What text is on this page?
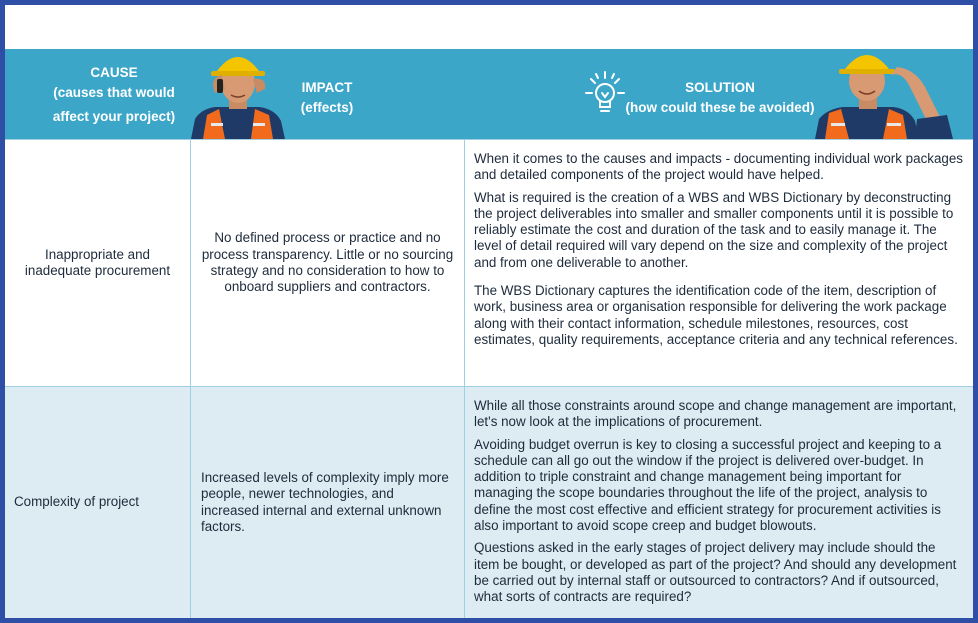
CAUSE
(causes that would
affect your project)
IMPACT
(effects)
SOLUTION
(how could these be avoided)
Inappropriate and inadequate procurement
No defined process or practice and no process transparency. Little or no sourcing strategy and no consideration to how to onboard suppliers and contractors.

When it comes to the causes and impacts - documenting individual work packages and detailed components of the project would have helped.

What is required is the creation of a WBS and WBS Dictionary by deconstructing the project deliverables into smaller and smaller components until it is possible to reliably estimate the cost and duration of the task and to easily manage it. The level of detail required will vary depend on the size and complexity of the project and from one deliverable to another.

The WBS Dictionary captures the identification code of the item, description of work, business area or organisation responsible for delivering the work package along with their contact information, schedule milestones, resources, cost estimates, quality requirements, acceptance criteria and any technical references.

Complexity of project
Increased levels of complexity imply more people, newer technologies, and increased internal and external unknown factors.

While all those constraints around scope and change management are important, let's now look at the implications of procurement.

Avoiding budget overrun is key to closing a successful project and keeping to a schedule can all go out the window if the project is delivered over-budget. In addition to triple constraint and change management being important for managing the scope boundaries throughout the life of the project, analysis to define the most cost effective and efficient strategy for procurement activities is also important to avoid scope creep and budget blowouts.

Questions asked in the early stages of project delivery may include should the item be bought, or developed as part of the project? And should any development be carried out by internal staff or outsourced to contractors? And if outsourced, what sorts of contracts are required?
